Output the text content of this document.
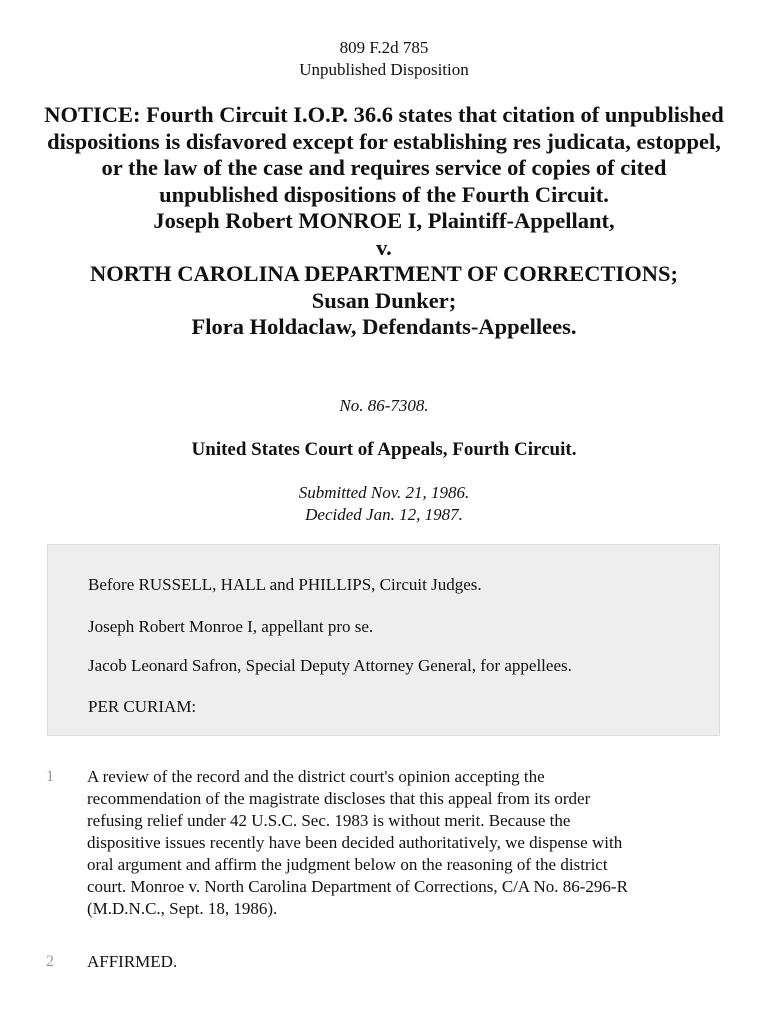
809 F.2d 785
Unpublished Disposition
NOTICE: Fourth Circuit I.O.P. 36.6 states that citation of unpublished dispositions is disfavored except for establishing res judicata, estoppel, or the law of the case and requires service of copies of cited unpublished dispositions of the Fourth Circuit.
Joseph Robert MONROE I, Plaintiff-Appellant,
v.
NORTH CAROLINA DEPARTMENT OF CORRECTIONS;
Susan Dunker;
Flora Holdaclaw, Defendants-Appellees.
No. 86-7308.
United States Court of Appeals, Fourth Circuit.
Submitted Nov. 21, 1986.
Decided Jan. 12, 1987.

Before RUSSELL, HALL and PHILLIPS, Circuit Judges.

Joseph Robert Monroe I, appellant pro se.

Jacob Leonard Safron, Special Deputy Attorney General, for appellees.

PER CURIAM:

1	A review of the record and the district court's opinion accepting the
recommendation of the magistrate discloses that this appeal from its order
refusing relief under 42 U.S.C. Sec. 1983 is without merit. Because the
dispositive issues recently have been decided authoritatively, we dispense with
oral argument and affirm the judgment below on the reasoning of the district
court. Monroe v. North Carolina Department of Corrections, C/A No. 86-296-R
(M.D.N.C., Sept. 18, 1986).
2	AFFIRMED.
